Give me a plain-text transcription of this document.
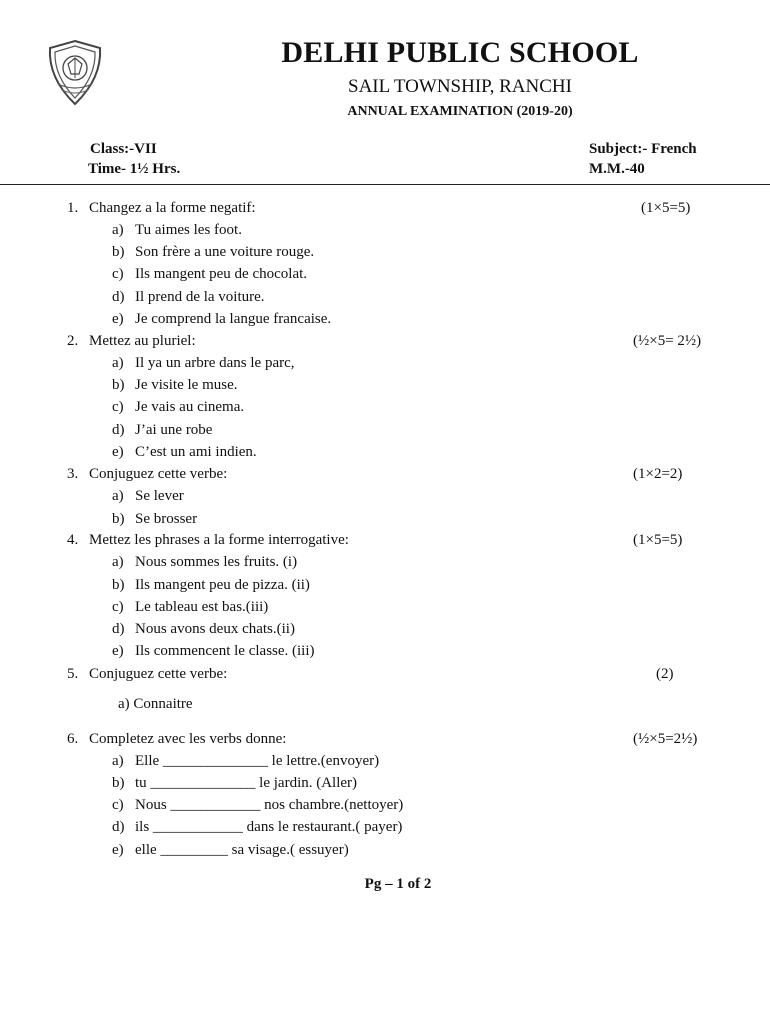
DELHI PUBLIC SCHOOL
SAIL TOWNSHIP, RANCHI
ANNUAL EXAMINATION (2019-20)
Class:-VII
Time- 1½ Hrs.
Subject:- French
M.M.-40
1. Changez a la forme negatif:	(1×5=5)
a) Tu aimes les foot.
b) Son frère a une voiture rouge.
c) Ils mangent peu de chocolat.
d) Il prend de la voiture.
e) Je comprend la langue francaise.
2. Mettez au pluriel:	(½×5= 2½)
a) Il ya un arbre dans le parc,
b) Je visite le muse.
c) Je vais au cinema.
d) J’ai une robe
e) C’est un ami indien.
3. Conjuguez cette verbe:	(1×2=2)
a) Se lever
b) Se brosser
4. Mettez les phrases a la forme interrogative:	(1×5=5)
a) Nous sommes les fruits. (i)
b) Ils mangent peu de pizza. (ii)
c) Le tableau est bas.(iii)
d) Nous avons deux chats.(ii)
e) Ils commencent le classe. (iii)
5. Conjuguez cette verbe:	(2)
a) Connaitre
6. Completez avec les verbs donne:	(½×5=2½)
a) Elle ______________ le lettre.(envoyer)
b) tu ______________ le jardin. (Aller)
c) Nous ____________ nos chambre.(nettoyer)
d) ils ____________ dans le restaurant.( payer)
e) elle _________ sa visage.( essuyer)
Pg – 1 of 2
